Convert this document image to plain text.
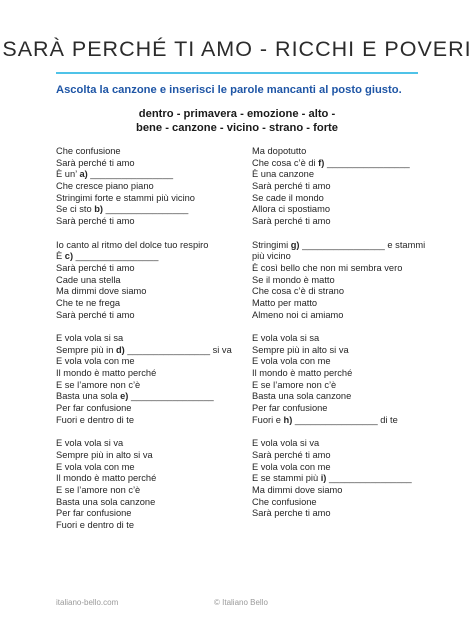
SARÀ PERCHÉ TI AMO - RICCHI E POVERI
Ascolta la canzone e inserisci le parole mancanti al posto giusto.
dentro - primavera - emozione - alto -
bene - canzone - vicino - strano - forte
Che confusione
Sarà perché ti amo
È un’ a) ________________
Che cresce piano piano
Stringimi forte e stammi più vicino
Se ci sto b) ________________
Sarà perché ti amo
Io canto al ritmo del dolce tuo respiro
È c) ________________
Sarà perché ti amo
Cade una stella
Ma dimmi dove siamo
Che te ne frega
Sarà perché ti amo
E vola vola si sa
Sempre più in d) ________________ si va
E vola vola con me
Il mondo è matto perché
E se l’amore non c’è
Basta una sola e) ________________
Per far confusione
Fuori e dentro di te
E vola vola si va
Sempre più in alto si va
E vola vola con me
Il mondo è matto perché
E se l’amore non c’è
Basta una sola canzone
Per far confusione
Fuori e dentro di te
Ma dopotutto
Che cosa c’è di f) ________________
È una canzone
Sarà perché ti amo
Se cade il mondo
Allora ci spostiamo
Sarà perché ti amo
Stringimi g) ________________ e stammi
più vicino
È così bello che non mi sembra vero
Se il mondo è matto
Che cosa c’è di strano
Matto per matto
Almeno noi ci amiamo
E vola vola si sa
Sempre più in alto si va
E vola vola con me
Il mondo è matto perché
E se l’amore non c’è
Basta una sola canzone
Per far confusione
Fuori e h) ________________ di te
E vola vola si va
Sarà perché ti amo
E vola vola con me
E se stammi più i) ________________
Ma dimmi dove siamo
Che confusione
Sarà perche ti amo
italiano-bello.com	© Italiano Bello
